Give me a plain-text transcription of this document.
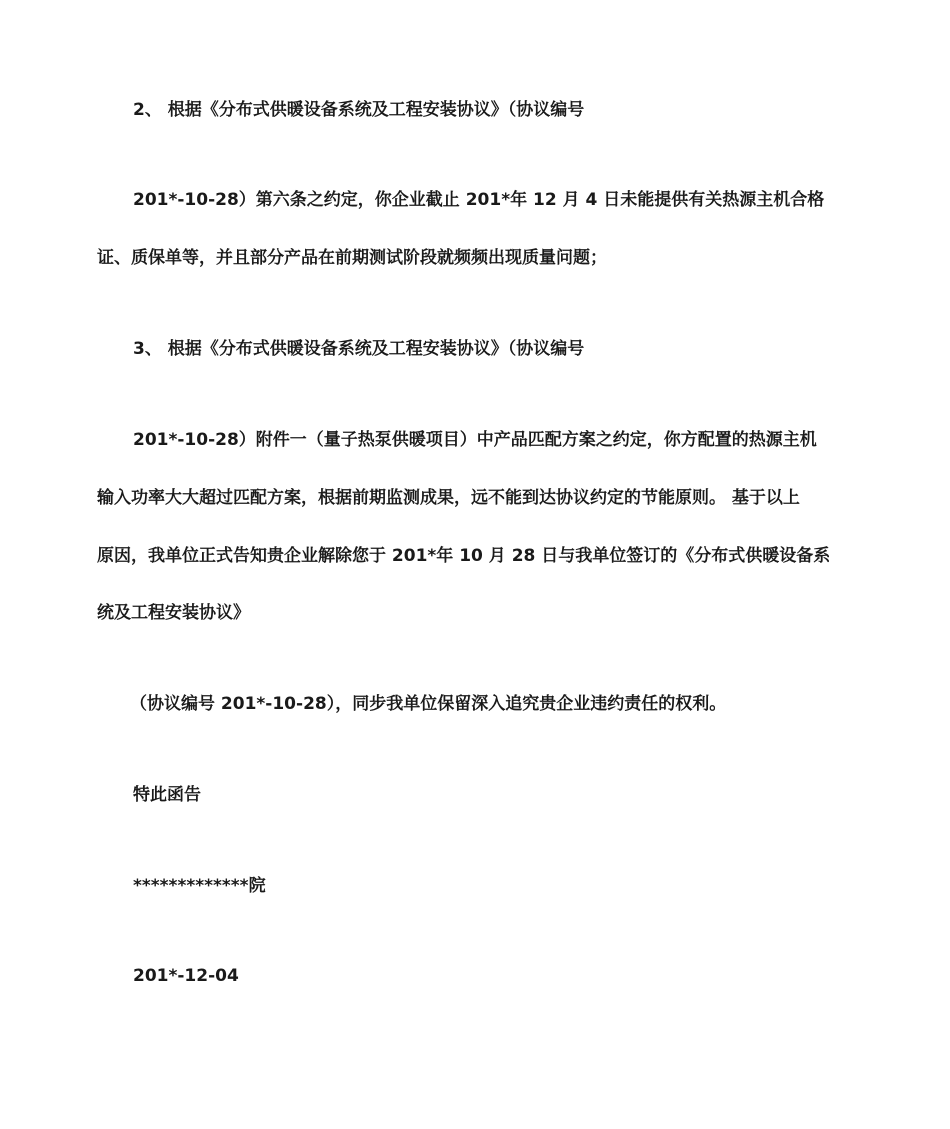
2、 根据《分布式供暖设备系统及工程安装协议》（协议编号
201*-10-28）第六条之约定，你企业截止 201*年 12 月 4 日未能提供有关热源主机合格
证、质保单等，并且部分产品在前期测试阶段就频频出现质量问题；
3、 根据《分布式供暖设备系统及工程安装协议》（协议编号
201*-10-28）附件一（量子热泵供暖项目）中产品匹配方案之约定，你方配置的热源主机
输入功率大大超过匹配方案，根据前期监测成果，远不能到达协议约定的节能原则。 基于以上
原因，我单位正式告知贵企业解除您于 201*年 10 月 28 日与我单位签订的《分布式供暖设备系
统及工程安装协议》
（协议编号 201*-10-28），同步我单位保留深入追究贵企业违约责任的权利。
特此函告
*************院
201*-12-04
